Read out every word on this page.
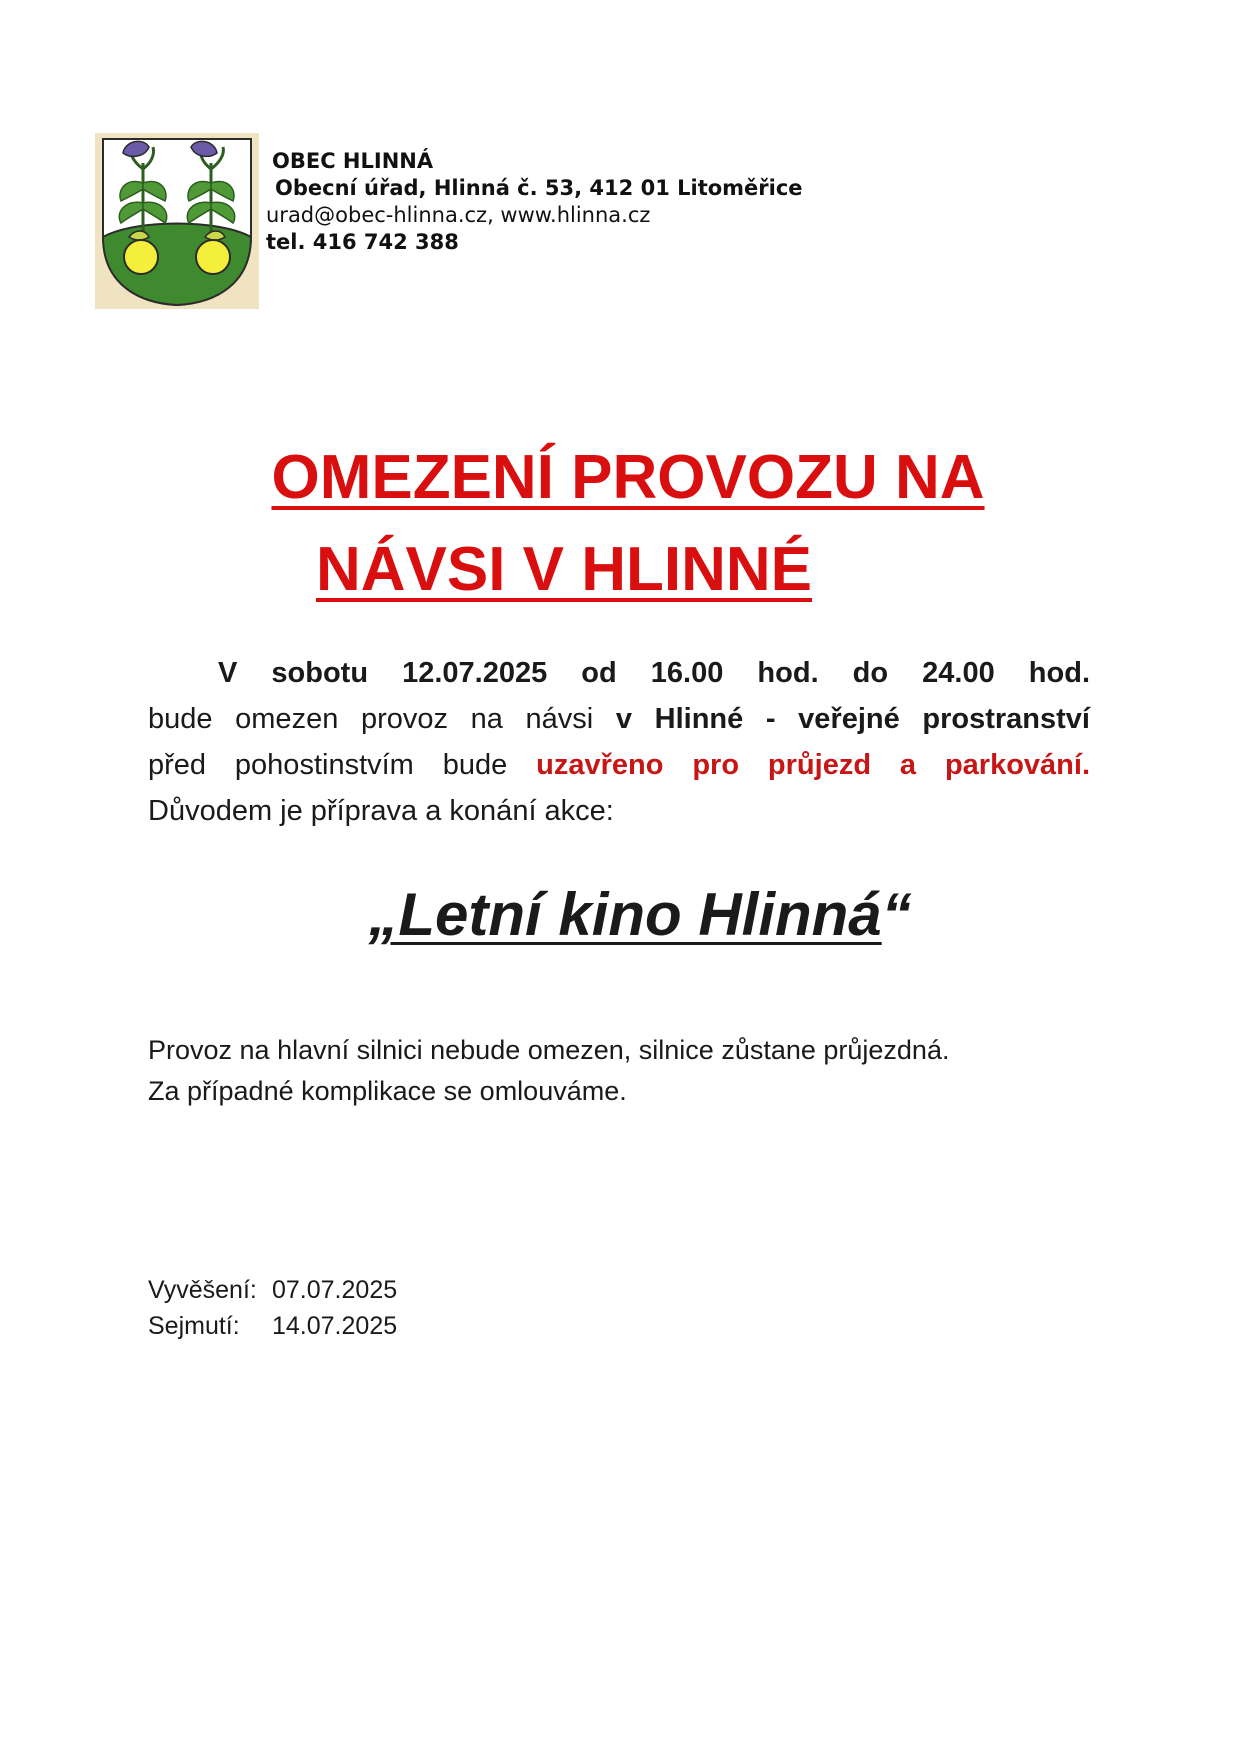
OBEC HLINNÁ
Obecní úřad, Hlinná č. 53, 412 01 Litoměřice
urad@obec-hlinna.cz, www.hlinna.cz
tel. 416 742 388
OMEZENÍ PROVOZU NA
NÁVSI V HLINNÉ
V sobotu 12.07.2025 od 16.00 hod. do 24.00 hod.
bude omezen provoz na návsi v Hlinné - veřejné prostranství
před pohostinstvím bude uzavřeno pro průjezd a parkování.
Důvodem je příprava a konání akce:
„Letní kino Hlinná“
Provoz na hlavní silnici nebude omezen, silnice zůstane průjezdná.
Za případné komplikace se omlouváme.
Vyvěšení: 07.07.2025
Sejmutí:	14.07.2025
